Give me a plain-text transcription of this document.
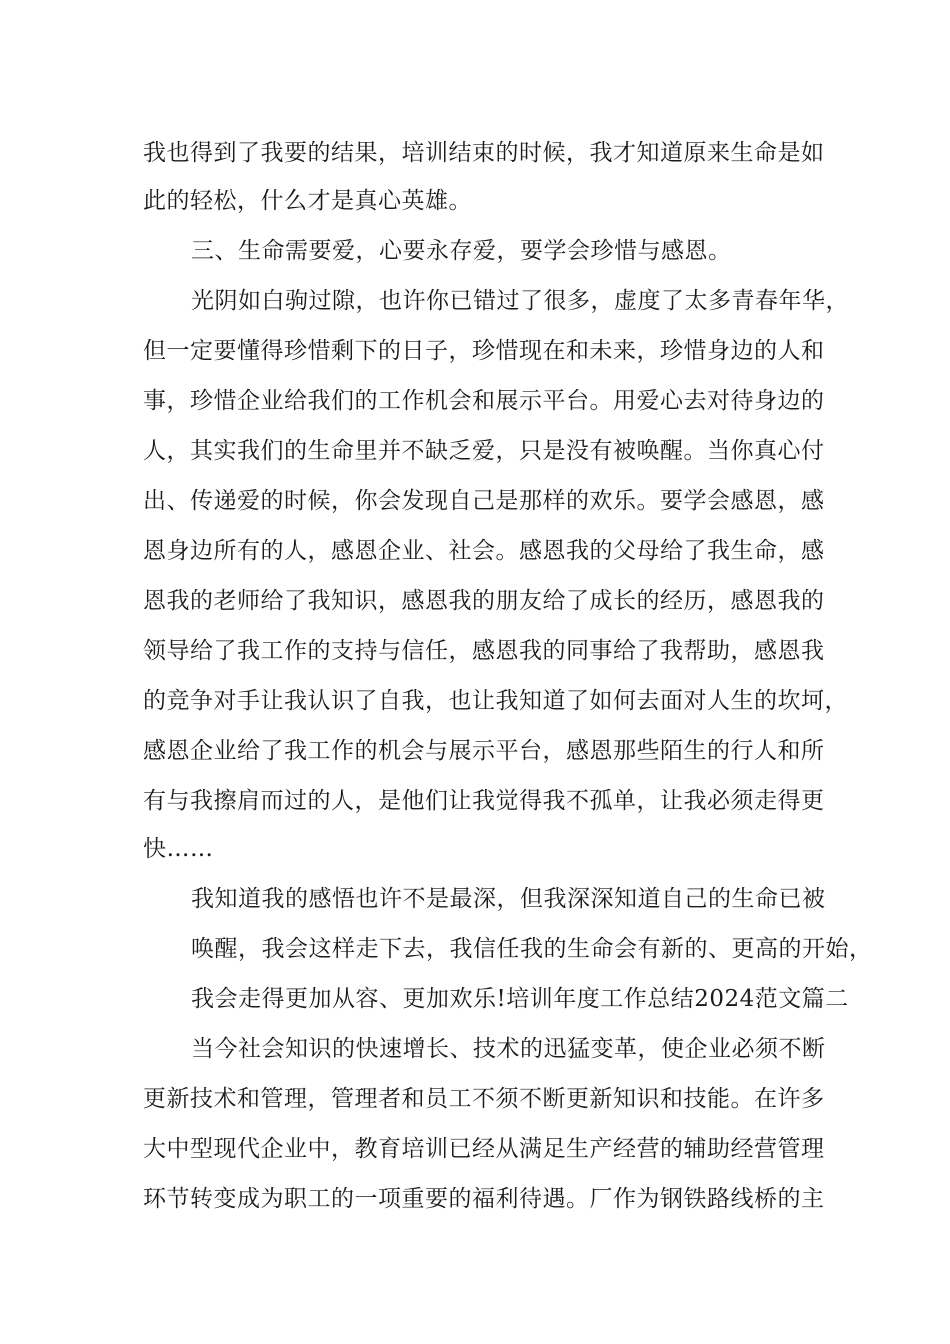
我也得到了我要的结果，培训结束的时候，我才知道原来生命是如
此的轻松，什么才是真心英雄。
三、生命需要爱，心要永存爱，要学会珍惜与感恩。
光阴如白驹过隙，也许你已错过了很多，虚度了太多青春年华，
但一定要懂得珍惜剩下的日子，珍惜现在和未来，珍惜身边的人和
事，珍惜企业给我们的工作机会和展示平台。用爱心去对待身边的
人，其实我们的生命里并不缺乏爱，只是没有被唤醒。当你真心付
出、传递爱的时候，你会发现自己是那样的欢乐。要学会感恩，感
恩身边所有的人，感恩企业、社会。感恩我的父母给了我生命，感
恩我的老师给了我知识，感恩我的朋友给了成长的经历，感恩我的
领导给了我工作的支持与信任，感恩我的同事给了我帮助，感恩我
的竞争对手让我认识了自我，也让我知道了如何去面对人生的坎坷，
感恩企业给了我工作的机会与展示平台，感恩那些陌生的行人和所
有与我擦肩而过的人，是他们让我觉得我不孤单，让我必须走得更
快……
我知道我的感悟也许不是最深，但我深深知道自己的生命已被
唤醒，我会这样走下去，我信任我的生命会有新的、更高的开始，
我会走得更加从容、更加欢乐!培训年度工作总结2024范文篇二
当今社会知识的快速增长、技术的迅猛变革，使企业必须不断
更新技术和管理，管理者和员工不须不断更新知识和技能。在许多
大中型现代企业中，教育培训已经从满足生产经营的辅助经营管理
环节转变成为职工的一项重要的福利待遇。厂作为钢铁路线桥的主
